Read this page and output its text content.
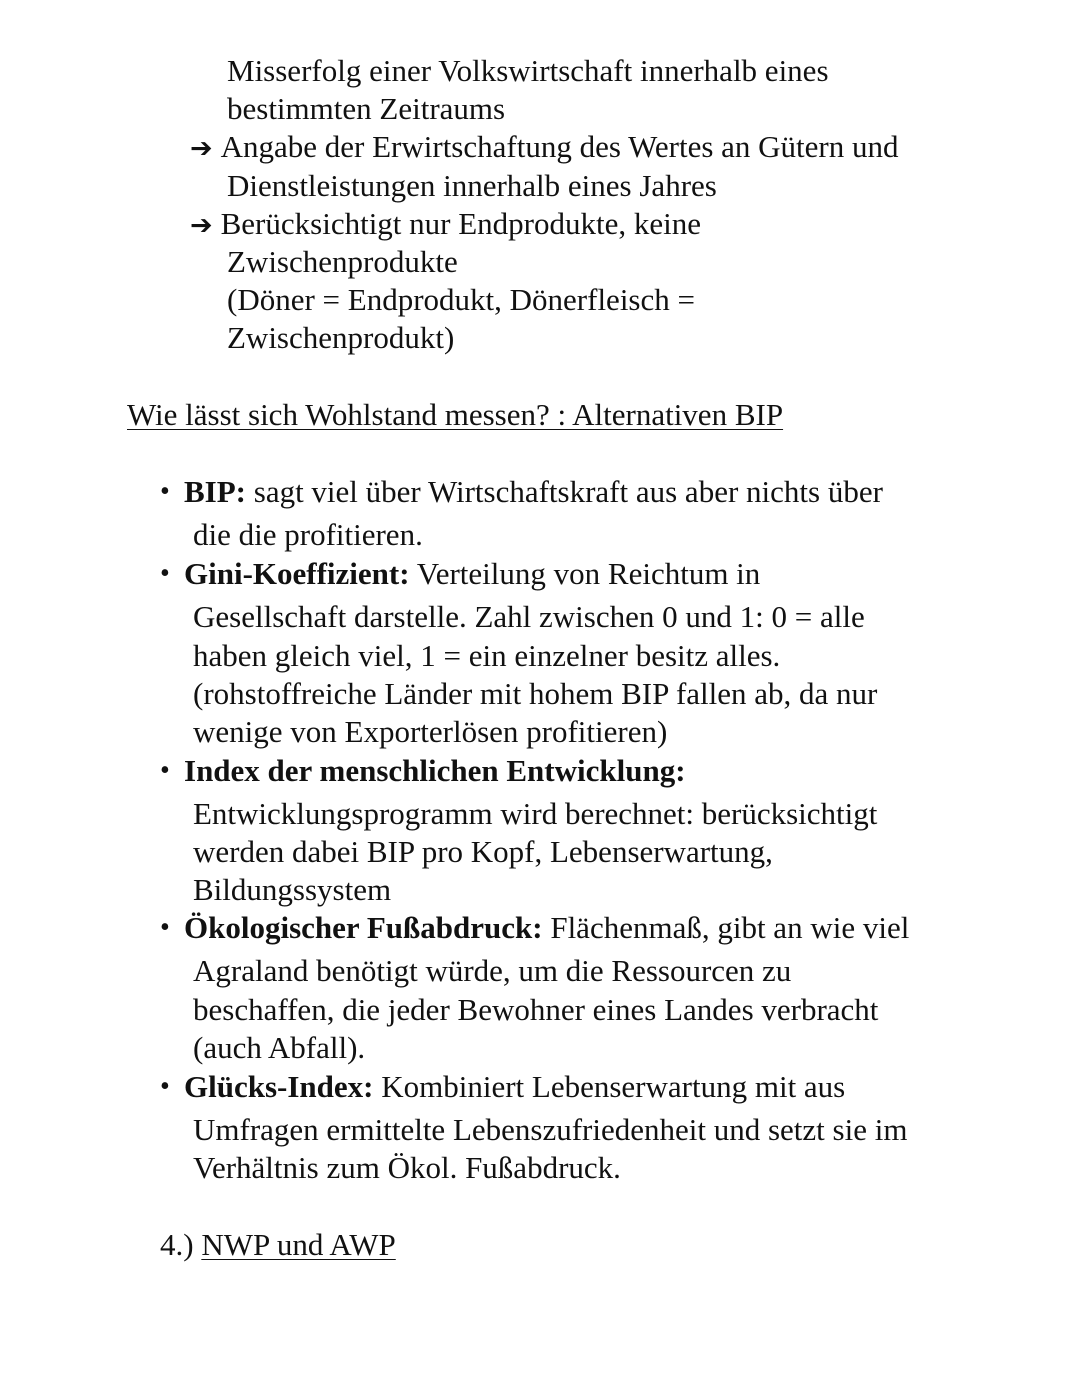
Misserfolg einer Volkswirtschaft innerhalb eines
bestimmten Zeitraums
➔ Angabe der Erwirtschaftung des Wertes an Gütern und
Dienstleistungen innerhalb eines Jahres
➔ Berücksichtigt nur Endprodukte, keine
Zwischenprodukte
(Döner = Endprodukt, Dönerfleisch =
Zwischenprodukt)
Wie lässt sich Wohlstand messen? : Alternativen BIP
• BIP: sagt viel über Wirtschaftskraft aus aber nichts über
die die profitieren.
• Gini-Koeffizient: Verteilung von Reichtum in
Gesellschaft darstelle. Zahl zwischen 0 und 1: 0 = alle
haben gleich viel, 1 = ein einzelner besitz alles.
(rohstoffreiche Länder mit hohem BIP fallen ab, da nur
wenige von Exporterlösen profitieren)
• Index der menschlichen Entwicklung:
Entwicklungsprogramm wird berechnet: berücksichtigt
werden dabei BIP pro Kopf, Lebenserwartung,
Bildungssystem
• Ökologischer Fußabdruck: Flächenmaß, gibt an wie viel
Agraland benötigt würde, um die Ressourcen zu
beschaffen, die jeder Bewohner eines Landes verbracht
(auch Abfall).
• Glücks-Index: Kombiniert Lebenserwartung mit aus
Umfragen ermittelte Lebenszufriedenheit und setzt sie im
Verhältnis zum Ökol. Fußabdruck.
4.) NWP und AWP
